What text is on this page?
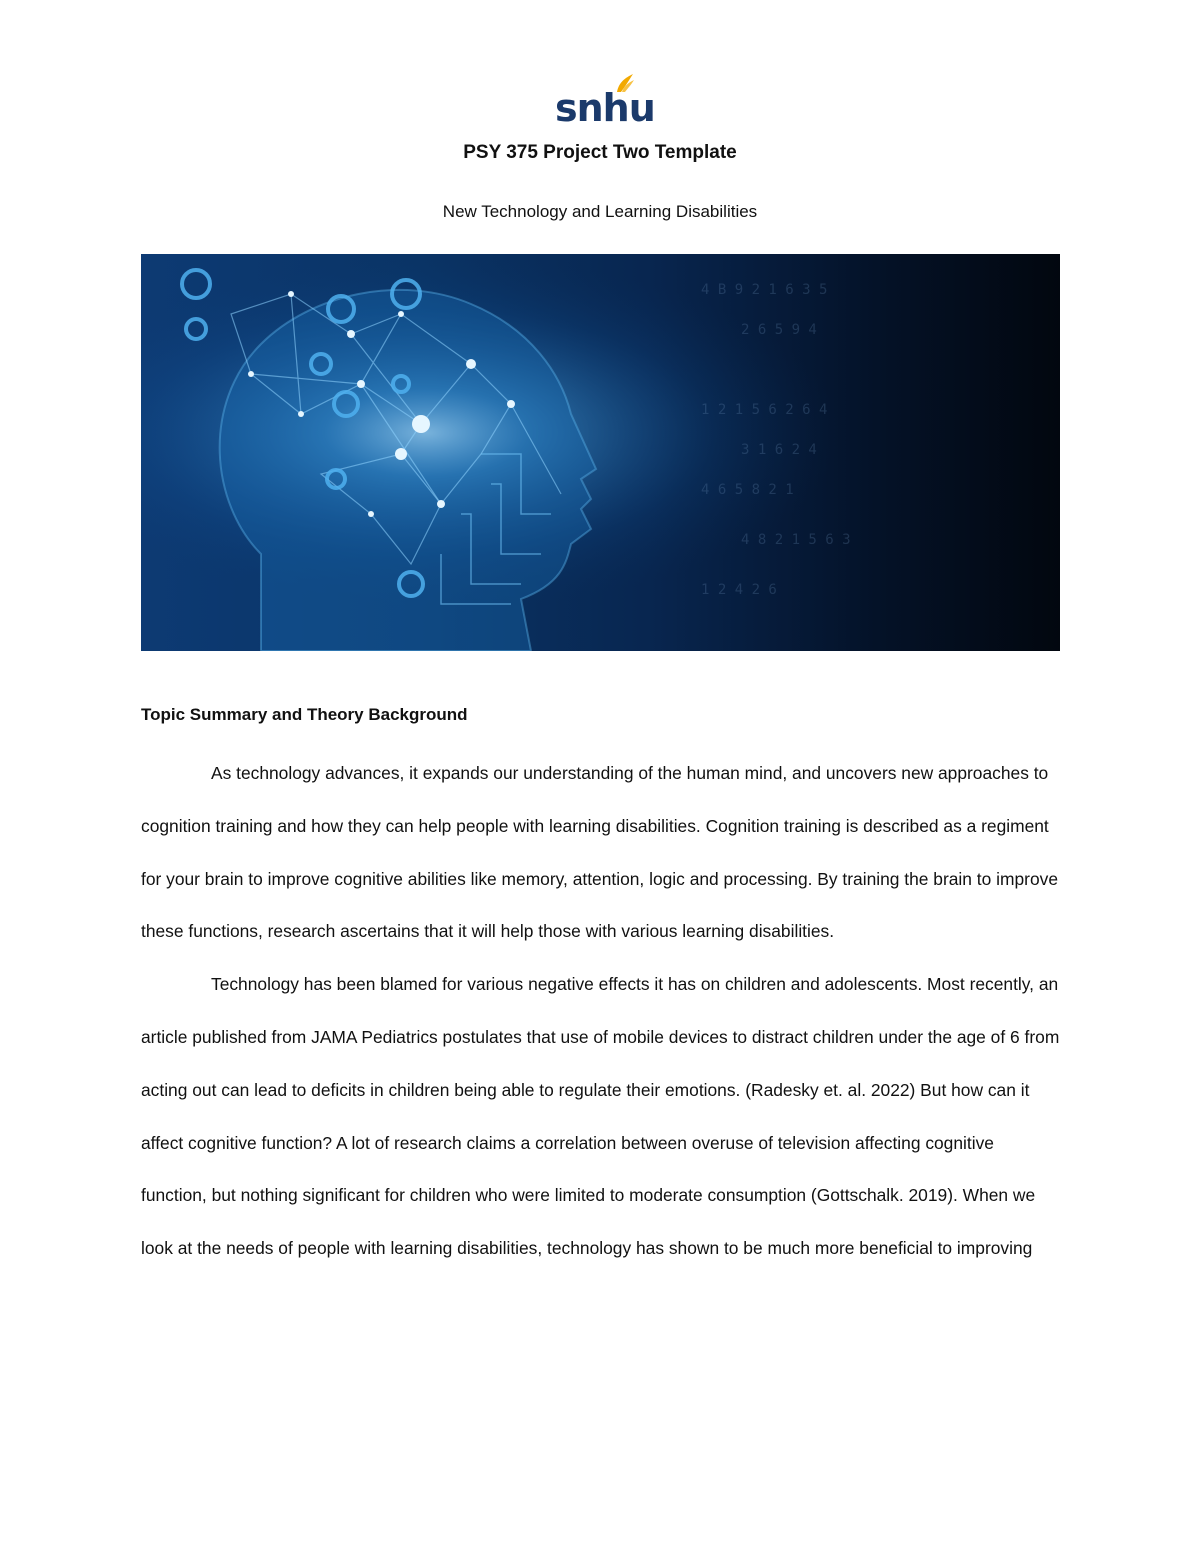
snhu
PSY 375 Project Two Template
New Technology and Learning Disabilities
4 B 9 2 1 6 3 5
2 6 5 9 4
1 2 1 5 6 2 6 4
3 1 6 2 4
4 6 5 8 2 1
4 8 2 1 5 6 3
1 2 4 2 6
Topic Summary and Theory Background

As technology advances, it expands our understanding of the human mind, and uncovers new approaches to cognition training and how they can help people with learning disabilities. Cognition training is described as a regiment for your brain to improve cognitive abilities like memory, attention, logic and processing. By training the brain to improve these functions, research ascertains that it will help those with various learning disabilities.

Technology has been blamed for various negative effects it has on children and adolescents. Most recently, an article published from JAMA Pediatrics postulates that use of mobile devices to distract children under the age of 6 from acting out can lead to deficits in children being able to regulate their emotions. (Radesky et. al. 2022) But how can it affect cognitive function? A lot of research claims a correlation between overuse of television affecting cognitive function, but nothing significant for children who were limited to moderate consumption (Gottschalk. 2019). When we look at the needs of people with learning disabilities, technology has shown to be much more beneficial to improving
